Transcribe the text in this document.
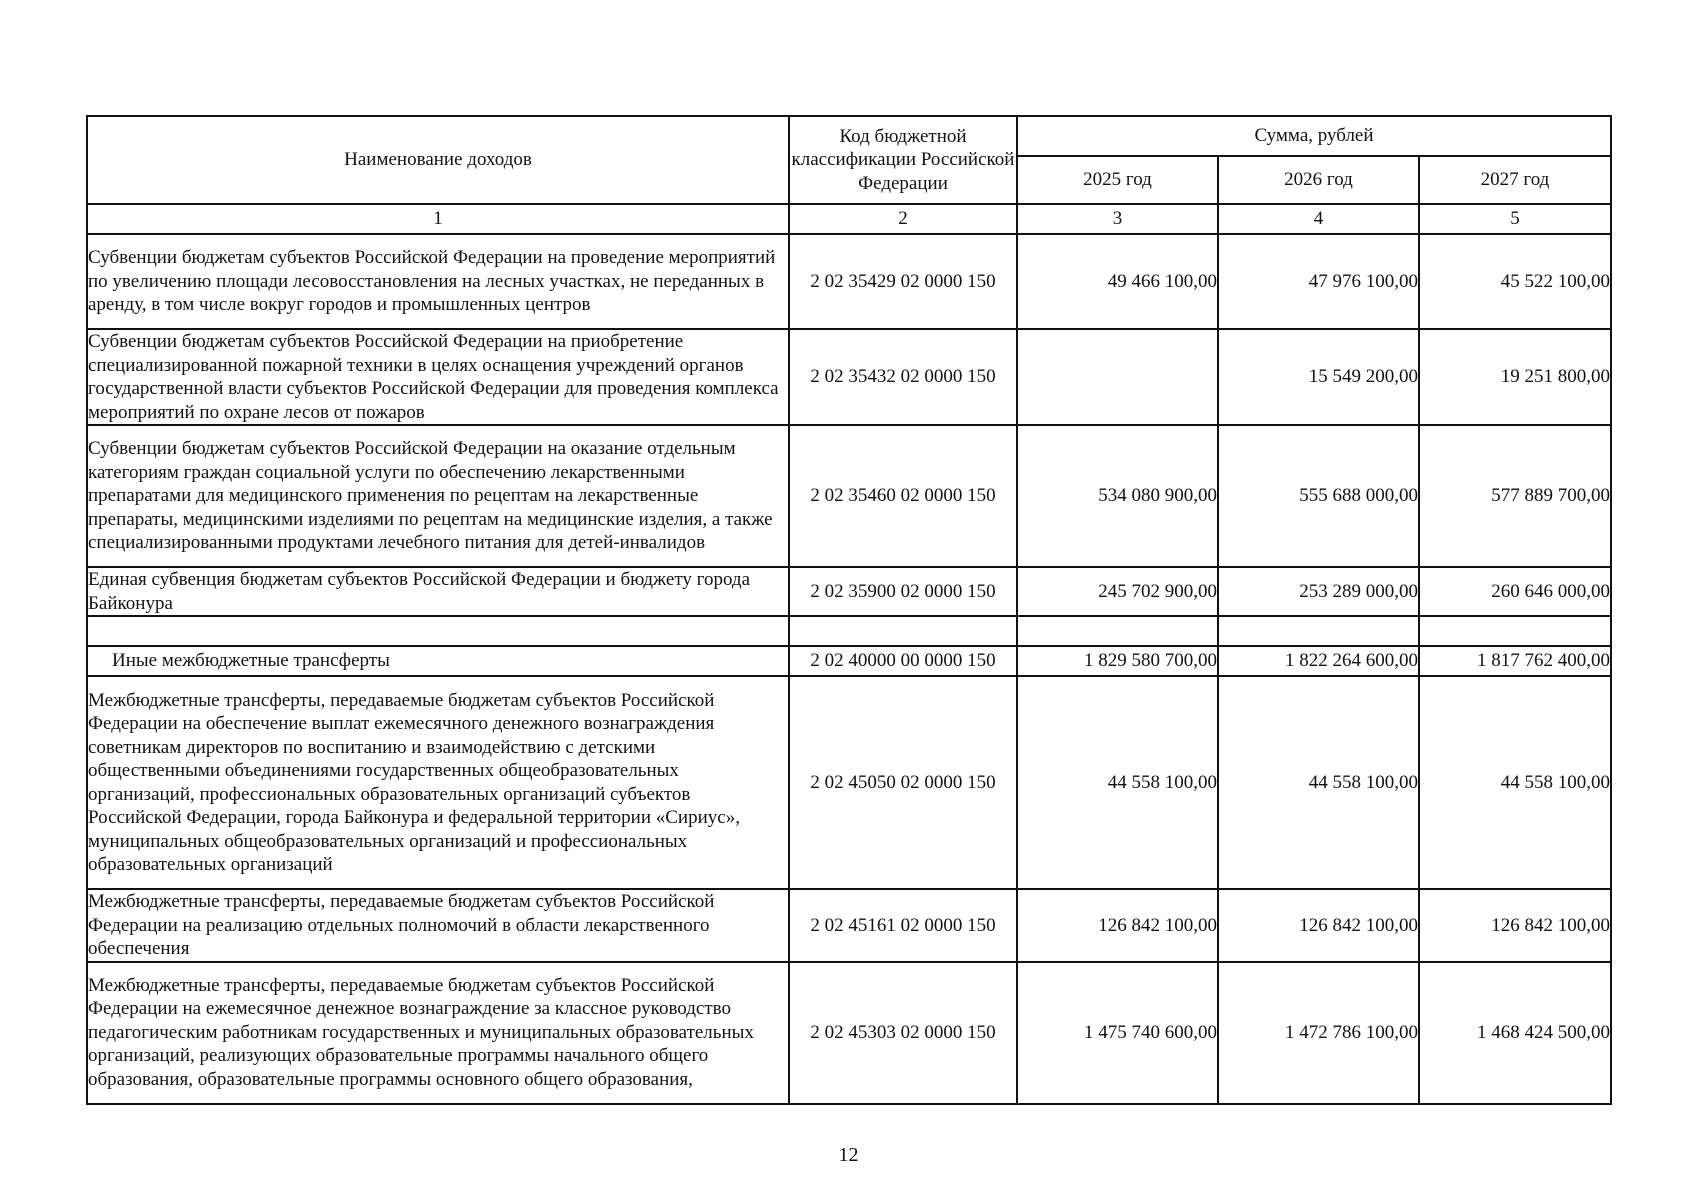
Наименование доходов	Код бюджетной классификации Российской Федерации	Сумма, рублей		
		2025 год	2026 год	2027 год
1	2	3	4	5
Субвенции бюджетам субъектов Российской Федерации на проведение мероприятий по увеличению площади лесовосстановления на лесных участках, не переданных в аренду, в том числе вокруг городов и промышленных центров	2 02 35429 02 0000 150	49 466 100,00	47 976 100,00	45 522 100,00
Субвенции бюджетам субъектов Российской Федерации на приобретение специализированной пожарной техники в целях оснащения учреждений органов государственной власти субъектов Российской Федерации для проведения комплекса мероприятий по охране лесов от пожаров	2 02 35432 02 0000 150		15 549 200,00	19 251 800,00
Субвенции бюджетам субъектов Российской Федерации на оказание отдельным категориям граждан социальной услуги по обеспечению лекарственными препаратами для медицинского применения по рецептам на лекарственные препараты, медицинскими изделиями по рецептам на медицинские изделия, а также специализированными продуктами лечебного питания для детей-инвалидов	2 02 35460 02 0000 150	534 080 900,00	555 688 000,00	577 889 700,00
Единая субвенция бюджетам субъектов Российской Федерации и бюджету города Байконура	2 02 35900 02 0000 150	245 702 900,00	253 289 000,00	260 646 000,00

Иные межбюджетные трансферты	2 02 40000 00 0000 150	1 829 580 700,00	1 822 264 600,00	1 817 762 400,00
Межбюджетные трансферты, передаваемые бюджетам субъектов Российской Федерации на обеспечение выплат ежемесячного денежного вознаграждения советникам директоров по воспитанию и взаимодействию с детскими общественными объединениями государственных общеобразовательных организаций, профессиональных образовательных организаций субъектов Российской Федерации, города Байконура и федеральной территории «Сириус», муниципальных общеобразовательных организаций и профессиональных образовательных организаций	2 02 45050 02 0000 150	44 558 100,00	44 558 100,00	44 558 100,00
Межбюджетные трансферты, передаваемые бюджетам субъектов Российской Федерации на реализацию отдельных полномочий в области лекарственного обеспечения	2 02 45161 02 0000 150	126 842 100,00	126 842 100,00	126 842 100,00
Межбюджетные трансферты, передаваемые бюджетам субъектов Российской Федерации на ежемесячное денежное вознаграждение за классное руководство педагогическим работникам государственных и муниципальных образовательных организаций, реализующих образовательные программы начального общего образования, образовательные программы основного общего образования,	2 02 45303 02 0000 150	1 475 740 600,00	1 472 786 100,00	1 468 424 500,00
12
